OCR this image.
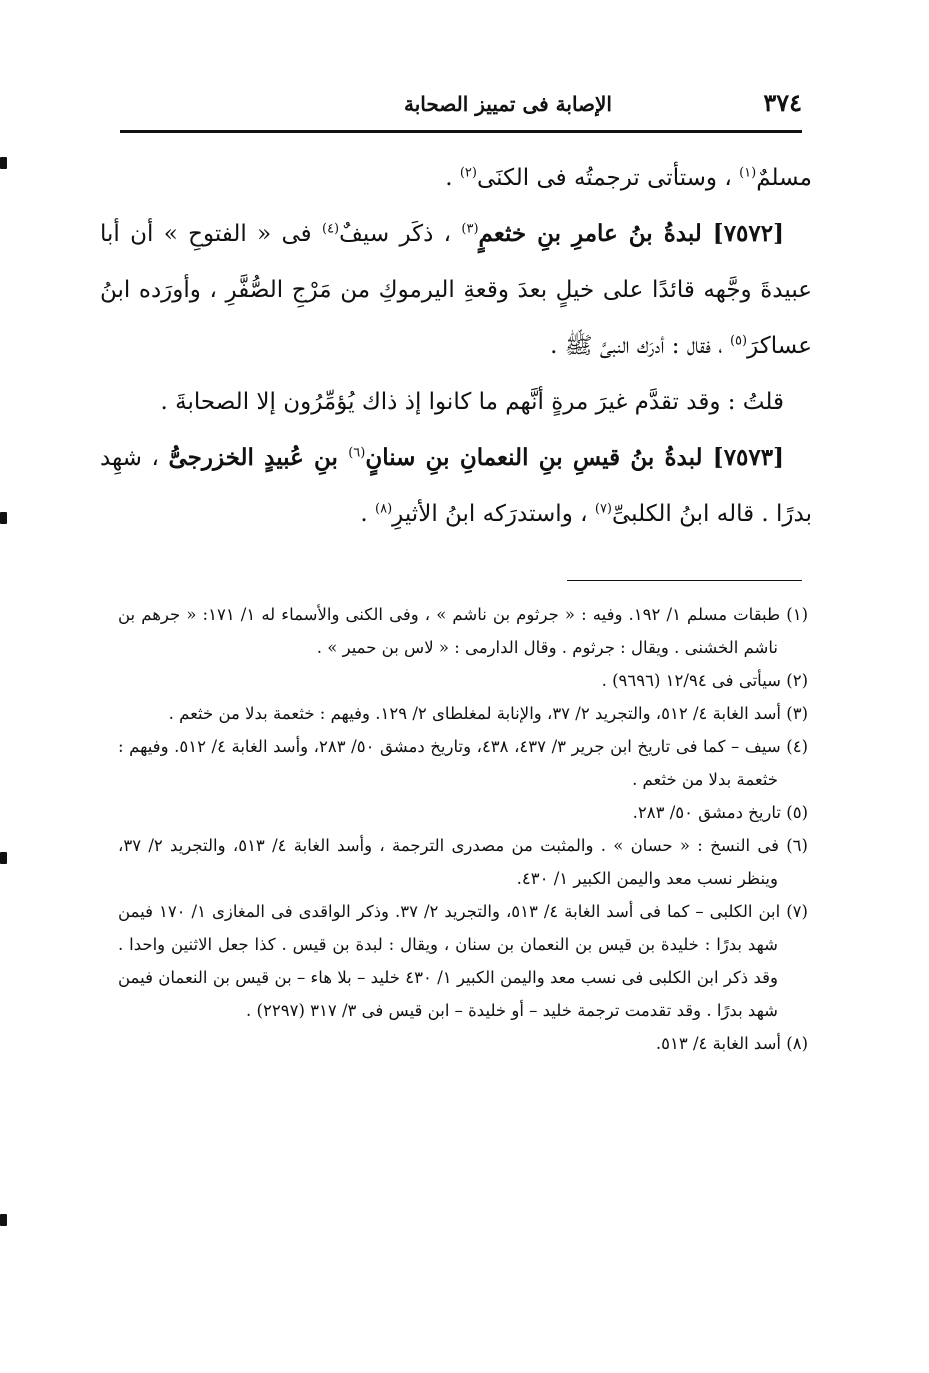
٣٧٤
الإصابة فى تمييز الصحابة

مسلمٌ$^{(١)}$ ، وستأتى ترجمتُه فى الكنَى$^{(٢)}$ .

[٧٥٧٢] لبدةُ بنُ عامرِ بنِ خثعمٍ$^{(٣)}$ ، ذكَر سيفٌ$^{(٤)}$ فى « الفتوحِ » أن أبا عبيدةَ وجَّهه قائدًا على خيلٍ بعدَ وقعةِ اليرموكِ من مَرْجِ الصُّفَّرِ ، وأورَده ابنُ عساكرَ$^{(٥)}$ ، فقال : أدرَك النبىَّ ﷺ .

قلتُ : وقد تقدَّم غيرَ مرةٍ أنَّهم ما كانوا إذ ذاك يُؤمِّرُون إلا الصحابةَ .

[٧٥٧٣] لبدةُ بنُ قيسِ بنِ النعمانِ بنِ سنانٍ$^{(٦)}$ بنِ عُبيدٍ الخزرجىُّ ، شهِد بدرًا . قاله ابنُ الكلبىِّ$^{(٧)}$ ، واستدرَكه ابنُ الأثيرِ$^{(٨)}$ .

(١) طبقات مسلم ١/ ١٩٢. وفيه : « جرثوم بن ناشم » ، وفى الكنى والأسماء له ١/ ١٧١: « جرهم بن ناشم الخشنى . ويقال : جرثوم . وقال الدارمى : « لاس بن حمير » .

(٢) سيأتى فى ١٢/٩٤ (٩٦٩٦) .

(٣) أسد الغابة ٤/ ٥١٢، والتجريد ٢/ ٣٧، والإنابة لمغلطاى ٢/ ١٢٩. وفيهم : خثعمة بدلا من خثعم .

(٤) سيف – كما فى تاريخ ابن جرير ٣/ ٤٣٧، ٤٣٨، وتاريخ دمشق ٥٠/ ٢٨٣، وأسد الغابة ٤/ ٥١٢. وفيهم : خثعمة بدلا من خثعم .

(٥) تاريخ دمشق ٥٠/ ٢٨٣.

(٦) فى النسخ : « حسان » . والمثبت من مصدرى الترجمة ، وأسد الغابة ٤/ ٥١٣، والتجريد ٢/ ٣٧، وينظر نسب معد واليمن الكبير ١/ ٤٣٠.

(٧) ابن الكلبى – كما فى أسد الغابة ٤/ ٥١٣، والتجريد ٢/ ٣٧. وذكر الواقدى فى المغازى ١/ ١٧٠ فيمن شهد بدرًا : خليدة بن قيس بن النعمان بن سنان ، ويقال : لبدة بن قيس . كذا جعل الاثنين واحدا . وقد ذكر ابن الكلبى فى نسب معد واليمن الكبير ١/ ٤٣٠ خليد – بلا هاء – بن قيس بن النعمان فيمن شهد بدرًا . وقد تقدمت ترجمة خليد – أو خليدة – ابن قيس فى ٣/ ٣١٧ (٢٢٩٧) .

(٨) أسد الغابة ٤/ ٥١٣.
